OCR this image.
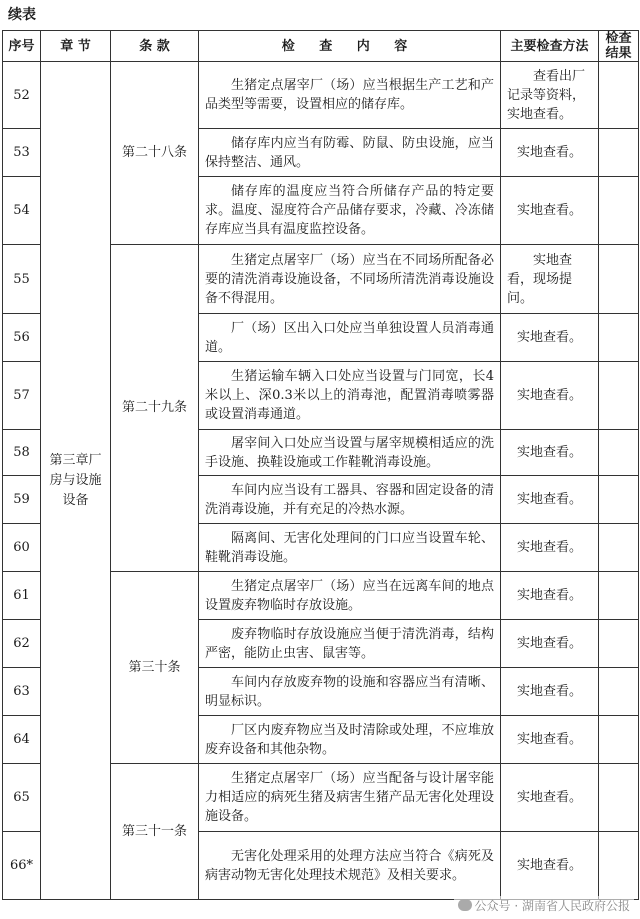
续表
序号	章 节	条 款	检 查 内 容	主要检查方法	检查结果
52	第三章厂房与设施设备	第二十八条	生猪定点屠宰厂（场）应当根据生产工艺和产品类型等需要，设置相应的储存库。	查看出厂记录等资料，实地查看。	
53			储存库内应当有防霉、防鼠、防虫设施，应当保持整洁、通风。	实地查看。	
54			储存库的温度应当符合所储存产品的特定要求。温度、湿度符合产品储存要求，冷藏、冷冻储存库应当具有温度监控设备。	实地查看。	
55		第二十九条	生猪定点屠宰厂（场）应当在不同场所配备必要的清洗消毒设施设备，不同场所清洗消毒设施设备不得混用。	实地查看，现场提问。	
56			厂（场）区出入口处应当单独设置人员消毒通道。	实地查看。	
57			生猪运输车辆入口处应当设置与门同宽，长4米以上、深0.3米以上的消毒池，配置消毒喷雾器或设置消毒通道。	实地查看。	
58			屠宰间入口处应当设置与屠宰规模相适应的洗手设施、换鞋设施或工作鞋靴消毒设施。	实地查看。	
59			车间内应当设有工器具、容器和固定设备的清洗消毒设施，并有充足的冷热水源。	实地查看。	
60			隔离间、无害化处理间的门口应当设置车轮、鞋靴消毒设施。	实地查看。	
61		第三十条	生猪定点屠宰厂（场）应当在远离车间的地点设置废弃物临时存放设施。	实地查看。	
62			废弃物临时存放设施应当便于清洗消毒，结构严密，能防止虫害、鼠害等。	实地查看。	
63			车间内存放废弃物的设施和容器应当有清晰、明显标识。	实地查看。	
64			厂区内废弃物应当及时清除或处理，不应堆放废弃设备和其他杂物。	实地查看。	
65		第三十一条	生猪定点屠宰厂（场）应当配备与设计屠宰能力相适应的病死生猪及病害生猪产品无害化处理设施设备。	实地查看。	
66*			无害化处理采用的处理方法应当符合《病死及病害动物无害化处理技术规范》及相关要求。	实地查看。	
公众号 · 湖南省人民政府公报
